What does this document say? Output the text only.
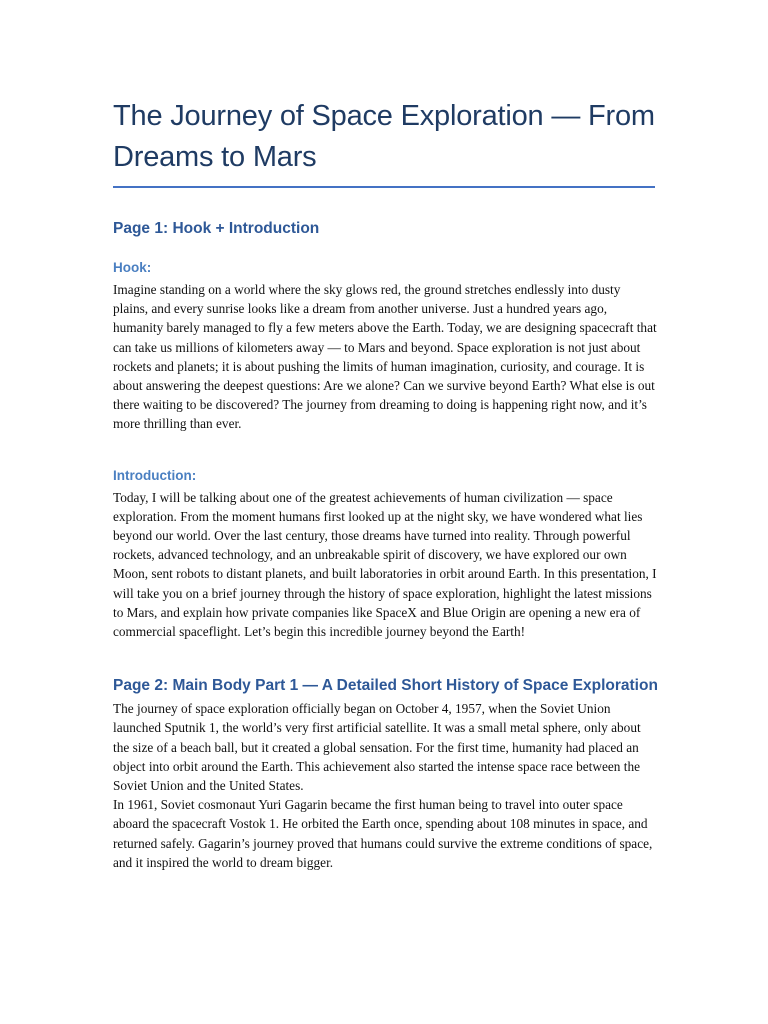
The Journey of Space Exploration — From Dreams to Mars
Page 1: Hook + Introduction
Hook:

Imagine standing on a world where the sky glows red, the ground stretches endlessly into dusty plains, and every sunrise looks like a dream from another universe. Just a hundred years ago, humanity barely managed to fly a few meters above the Earth. Today, we are designing spacecraft that can take us millions of kilometers away — to Mars and beyond. Space exploration is not just about rockets and planets; it is about pushing the limits of human imagination, curiosity, and courage. It is about answering the deepest questions: Are we alone? Can we survive beyond Earth? What else is out there waiting to be discovered? The journey from dreaming to doing is happening right now, and it’s more thrilling than ever.

Introduction:

Today, I will be talking about one of the greatest achievements of human civilization — space exploration. From the moment humans first looked up at the night sky, we have wondered what lies beyond our world. Over the last century, those dreams have turned into reality. Through powerful rockets, advanced technology, and an unbreakable spirit of discovery, we have explored our own Moon, sent robots to distant planets, and built laboratories in orbit around Earth. In this presentation, I will take you on a brief journey through the history of space exploration, highlight the latest missions to Mars, and explain how private companies like SpaceX and Blue Origin are opening a new era of commercial spaceflight. Let’s begin this incredible journey beyond the Earth!

Page 2: Main Body Part 1 — A Detailed Short History of Space Exploration

The journey of space exploration officially began on October 4, 1957, when the Soviet Union launched Sputnik 1, the world’s very first artificial satellite. It was a small metal sphere, only about the size of a beach ball, but it created a global sensation. For the first time, humanity had placed an object into orbit around the Earth. This achievement also started the intense space race between the Soviet Union and the United States.

In 1961, Soviet cosmonaut Yuri Gagarin became the first human being to travel into outer space aboard the spacecraft Vostok 1. He orbited the Earth once, spending about 108 minutes in space, and returned safely. Gagarin’s journey proved that humans could survive the extreme conditions of space, and it inspired the world to dream bigger.
